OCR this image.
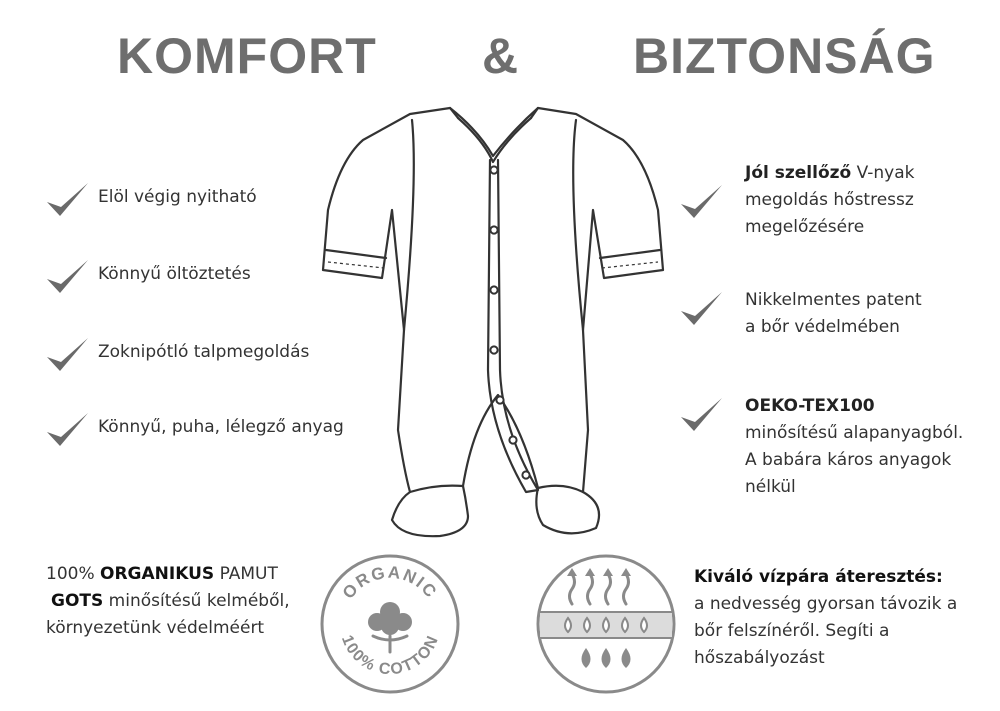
KOMFORT & BIZTONSÁG
Elöl végig nyitható
Könnyű öltöztetés
Zoknipótló talpmegoldás
Könnyű, puha, lélegző anyag
Jól szellőző V-nyak
megoldás hőstressz
megelőzésére
Nikkelmentes patent
a bőr védelmében
OEKO-TEX100
minősítésű alapanyagból.
A babára káros anyagok
nélkül
100% ORGANIKUS PAMUT
GOTS minősítésű kelméből,
környezetünk védelméért
ORGANIC
100% COTTON
Kiváló vízpára áteresztés:
a nedvesség gyorsan távozik a
bőr felszínéről. Segíti a
hőszabályozást
